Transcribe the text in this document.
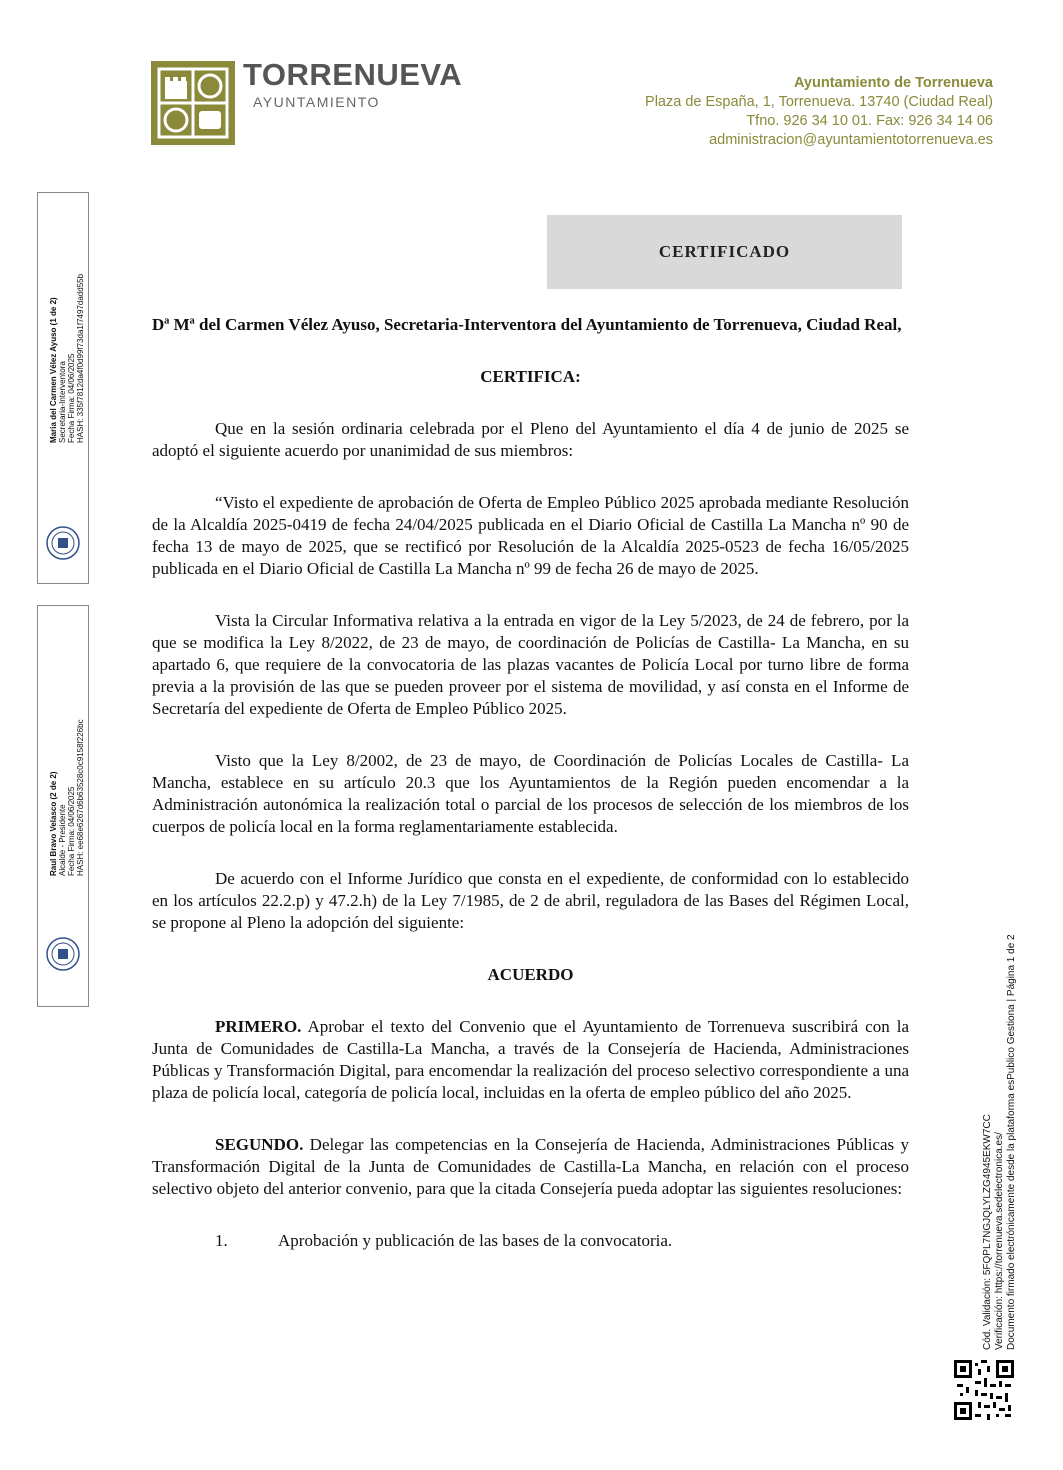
TORRENUEVA
AYUNTAMIENTO
Ayuntamiento de Torrenueva
Plaza de España, 1, Torrenueva. 13740 (Ciudad Real)
Tfno. 926 34 10 01. Fax: 926 34 14 06
administracion@ayuntamientotorrenueva.es
CERTIFICADO

Dª Mª del Carmen Vélez Ayuso, Secretaria-Interventora del Ayuntamiento de Torrenueva, Ciudad Real,

CERTIFICA:

Que en la sesión ordinaria celebrada por el Pleno del Ayuntamiento el día 4 de junio de 2025 se adoptó el siguiente acuerdo por unanimidad de sus miembros:

“Visto el expediente de aprobación de Oferta de Empleo Público 2025 aprobada mediante Resolución de la Alcaldía 2025-0419 de fecha 24/04/2025 publicada en el Diario Oficial de Castilla La Mancha nº 90 de fecha 13 de mayo de 2025, que se rectificó por Resolución de la Alcaldía 2025-0523 de fecha 16/05/2025 publicada en el Diario Oficial de Castilla La Mancha nº 99 de fecha 26 de mayo de 2025.

Vista la Circular Informativa relativa a la entrada en vigor de la Ley 5/2023, de 24 de febrero, por la que se modifica la Ley 8/2022, de 23 de mayo, de coordinación de Policías de Castilla- La Mancha, en su apartado 6, que requiere de la convocatoria de las plazas vacantes de Policía Local por turno libre de forma previa a la provisión de las que se pueden proveer por el sistema de movilidad, y así consta en el Informe de Secretaría del expediente de Oferta de Empleo Público 2025.

Visto que la Ley 8/2002, de 23 de mayo, de Coordinación de Policías Locales de Castilla- La Mancha, establece en su artículo 20.3 que los Ayuntamientos de la Región pueden encomendar a la Administración autonómica la realización total o parcial de los procesos de selección de los miembros de los cuerpos de policía local en la forma reglamentariamente establecida.

De acuerdo con el Informe Jurídico que consta en el expediente, de conformidad con lo establecido en los artículos 22.2.p) y 47.2.h) de la Ley 7/1985, de 2 de abril, reguladora de las Bases del Régimen Local, se propone al Pleno la adopción del siguiente:

ACUERDO

PRIMERO. Aprobar el texto del Convenio que el Ayuntamiento de Torrenueva suscribirá con la Junta de Comunidades de Castilla-La Mancha, a través de la Consejería de Hacienda, Administraciones Públicas y Transformación Digital, para encomendar la realización del proceso selectivo correspondiente a una plaza de policía local, categoría de policía local, incluidas en la oferta de empleo público del año 2025.

SEGUNDO. Delegar las competencias en la Consejería de Hacienda, Administraciones Públicas y Transformación Digital de la Junta de Comunidades de Castilla-La Mancha, en relación con el proceso selectivo objeto del anterior convenio, para que la citada Consejería pueda adoptar las siguientes resoluciones:

1.	Aprobación y publicación de las bases de la convocatoria.
Maria del Carmen Vélez Ayuso (1 de 2) Secretaria-Interventora Fecha Firma: 04/06/2025 HASH: 335f7812da4f0d99f73da1f7497dadd55b
Raul Bravo Velasco (2 de 2) Alcalde - Presidente Fecha Firma: 04/06/2025 HASH: ee68e6267d6b63528c0c9158f226bc
Cód. Validación: 5FQPL7NGJQLYLZG4945EKW7CC Verificación: https://torrenueva.sedelectronica.es/ Documento firmado electrónicamente desde la plataforma esPublico Gestiona | Página 1 de 2
